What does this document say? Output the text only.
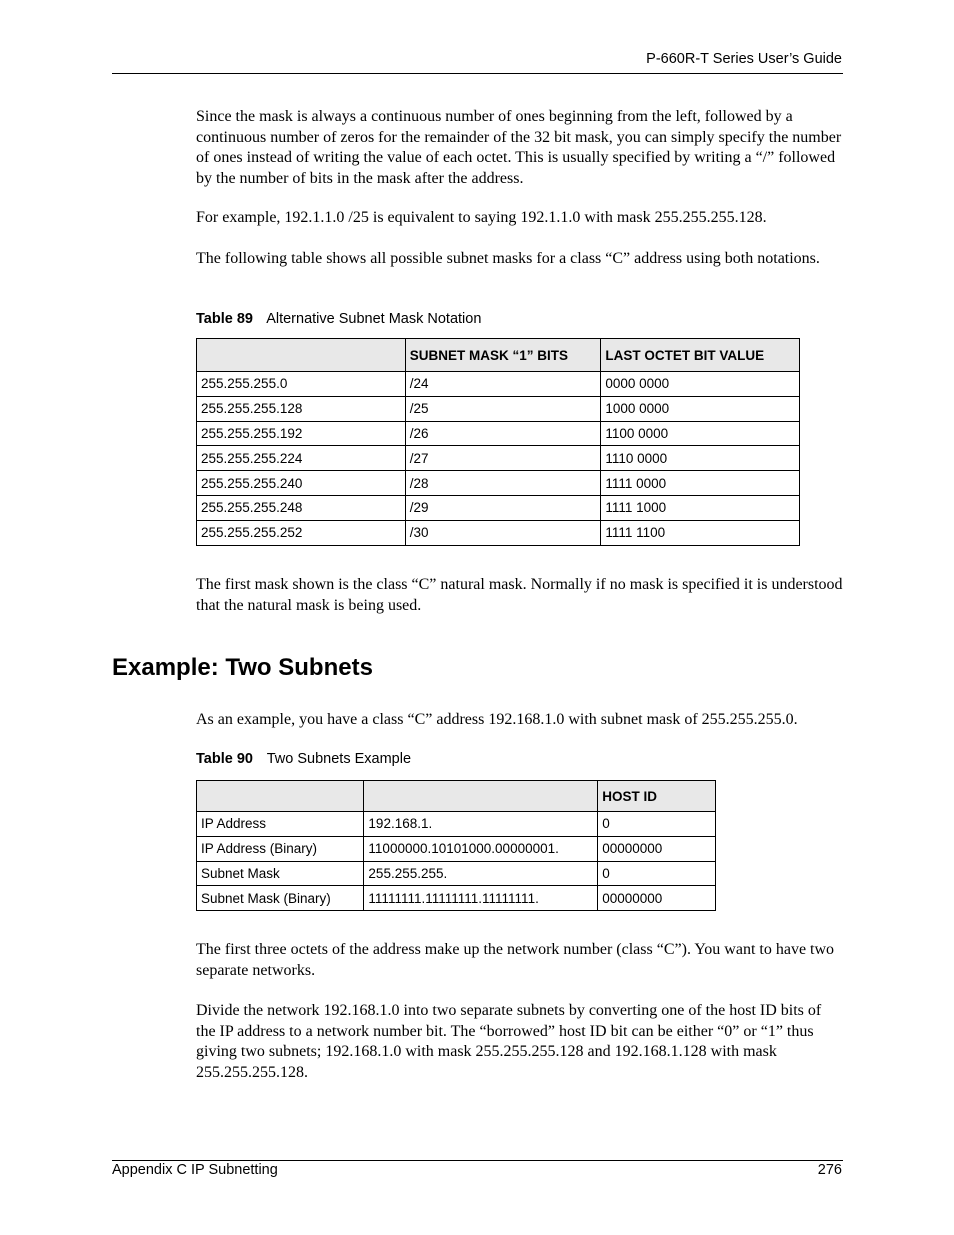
P-660R-T Series User’s Guide

Since the mask is always a continuous number of ones beginning from the left, followed by a continuous number of zeros for the remainder of the 32 bit mask, you can simply specify the number of ones instead of writing the value of each octet. This is usually specified by writing a “/” followed by the number of bits in the mask after the address.

For example, 192.1.1.0 /25 is equivalent to saying 192.1.1.0 with mask 255.255.255.128.

The following table shows all possible subnet masks for a class “C” address using both notations.

Table 89 Alternative Subnet Mask Notation
	SUBNET MASK “1” BITS	LAST OCTET BIT VALUE
255.255.255.0	/24	0000 0000
255.255.255.128	/25	1000 0000
255.255.255.192	/26	1100 0000
255.255.255.224	/27	1110 0000
255.255.255.240	/28	1111 0000
255.255.255.248	/29	1111 1000
255.255.255.252	/30	1111 1100

The first mask shown is the class “C” natural mask. Normally if no mask is specified it is understood that the natural mask is being used.

Example: Two Subnets

As an example, you have a class “C” address 192.168.1.0 with subnet mask of 255.255.255.0.

Table 90 Two Subnets Example
		HOST ID
IP Address	192.168.1.	0
IP Address (Binary)	11000000.10101000.00000001.	00000000
Subnet Mask	255.255.255.	0
Subnet Mask (Binary)	11111111.11111111.11111111.	00000000

The first three octets of the address make up the network number (class “C”). You want to have two separate networks.

Divide the network 192.168.1.0 into two separate subnets by converting one of the host ID bits of the IP address to a network number bit. The “borrowed” host ID bit can be either “0” or “1” thus giving two subnets; 192.168.1.0 with mask 255.255.255.128 and 192.168.1.128 with mask 255.255.255.128.

Appendix C IP Subnetting	276
